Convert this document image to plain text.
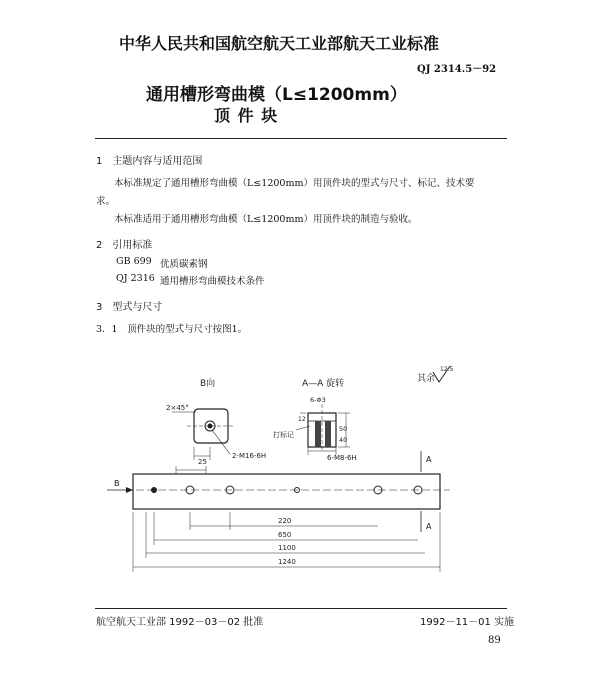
中华人民共和国航空航天工业部航天工业标准
QJ 2314.5－92
通用槽形弯曲模（L≤1200mm）
顶 件 块
1　主题内容与适用范围
本标准规定了通用槽形弯曲模（L≤1200mm）用顶件块的型式与尺寸、标记、技术要
求。
本标准适用于通用槽形弯曲模（L≤1200mm）用顶件块的制造与验收。
2　引用标准
GB 699 优质碳素钢
QJ 2316 通用槽形弯曲模技术条件
3　型式与尺寸
3．1　顶件块的型式与尺寸按图1。
B向	A—A 旋转	其余
12.5
2×45°
25
2-M16-6H
6-Φ3
50
40
12
打标记
6-M8-6H
B
A
A
220
650
1100
1240
航空航天工业部 1992－03－02 批准	1992－11－01 实施
89
